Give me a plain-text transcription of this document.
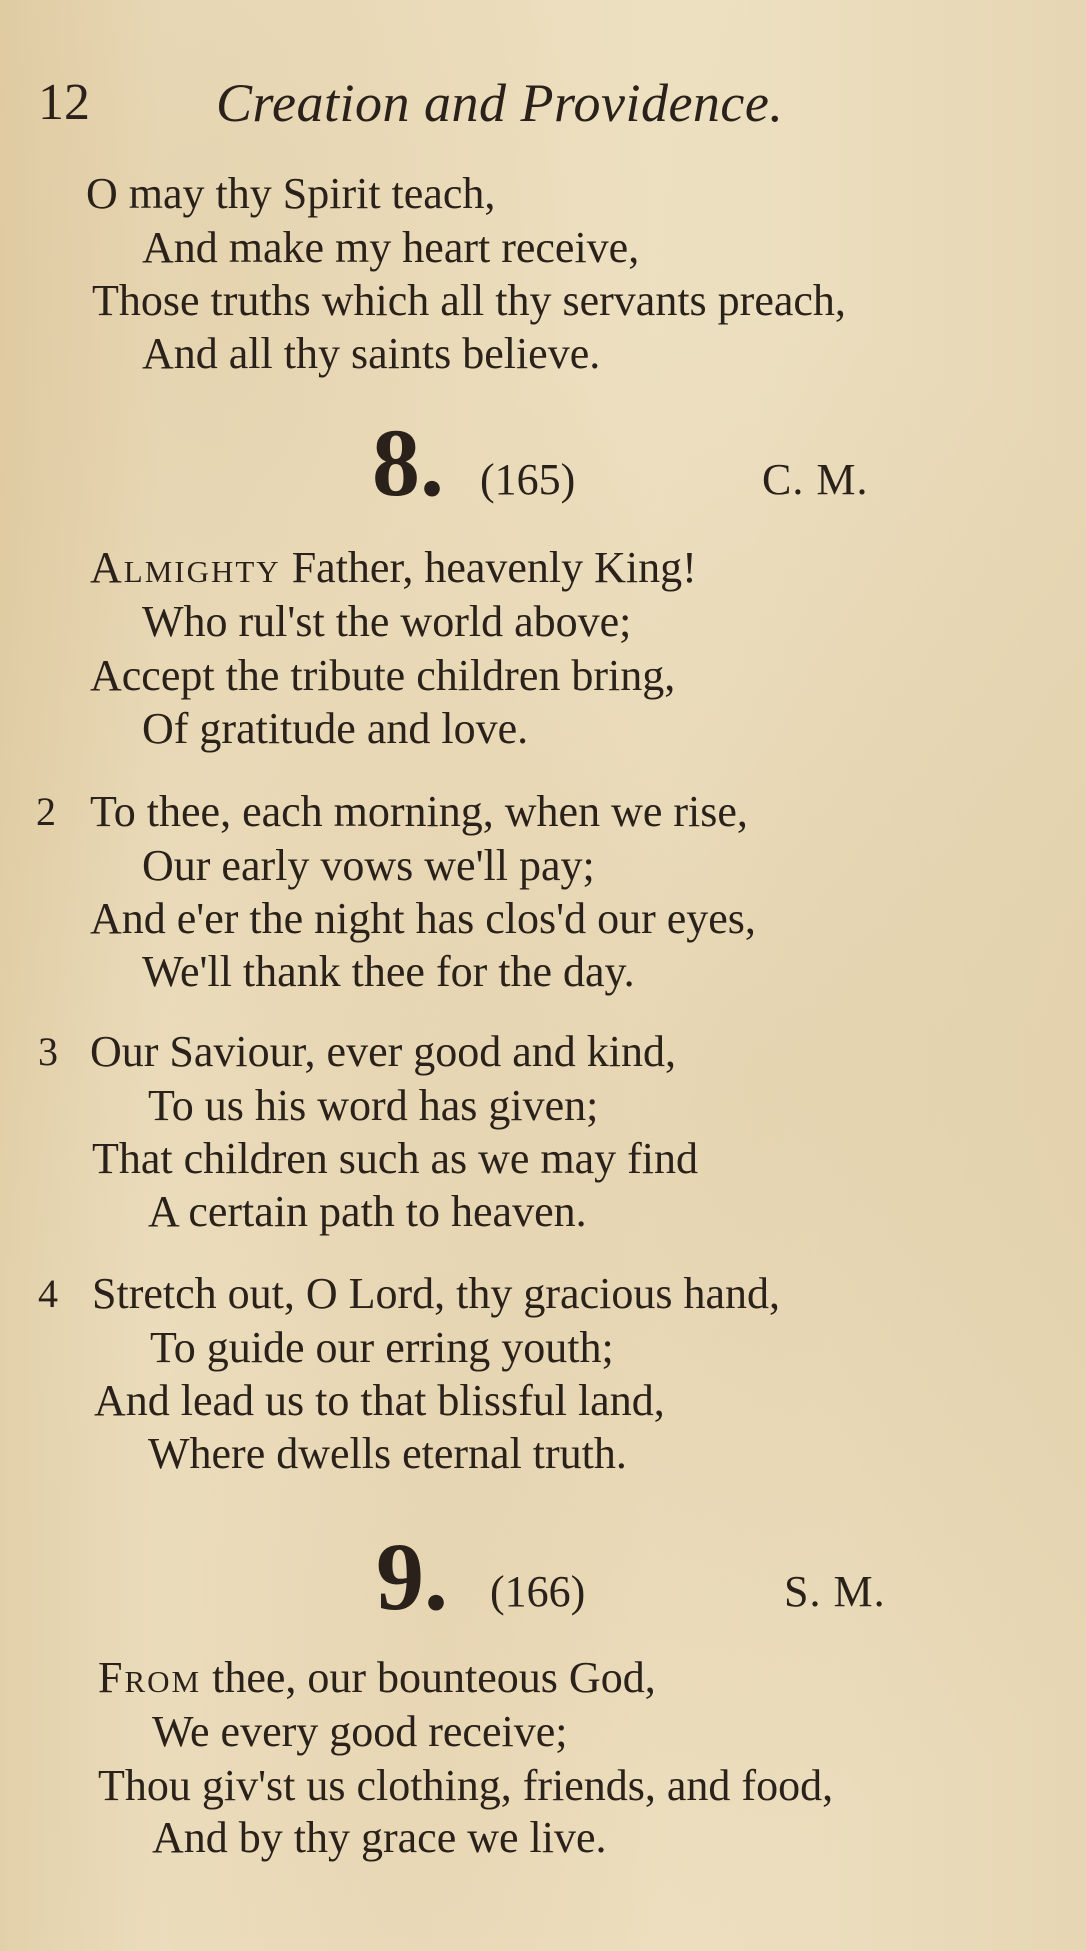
12 Creation and Providence.
O may thy Spirit teach,
And make my heart receive,
Those truths which all thy servants preach,
And all thy saints believe.
8. (165)	C. M.
Almighty Father, heavenly King!
Who rul'st the world above;
Accept the tribute children bring,
Of gratitude and love.
2 To thee, each morning, when we rise,
Our early vows we'll pay;
And e'er the night has clos'd our eyes,
We'll thank thee for the day.
3 Our Saviour, ever good and kind,
To us his word has given;
That children such as we may find
A certain path to heaven.
4 Stretch out, O Lord, thy gracious hand,
To guide our erring youth;
And lead us to that blissful land,
Where dwells eternal truth.
9. (166)	S. M.
From thee, our bounteous God,
We every good receive;
Thou giv'st us clothing, friends, and food,
And by thy grace we live.
